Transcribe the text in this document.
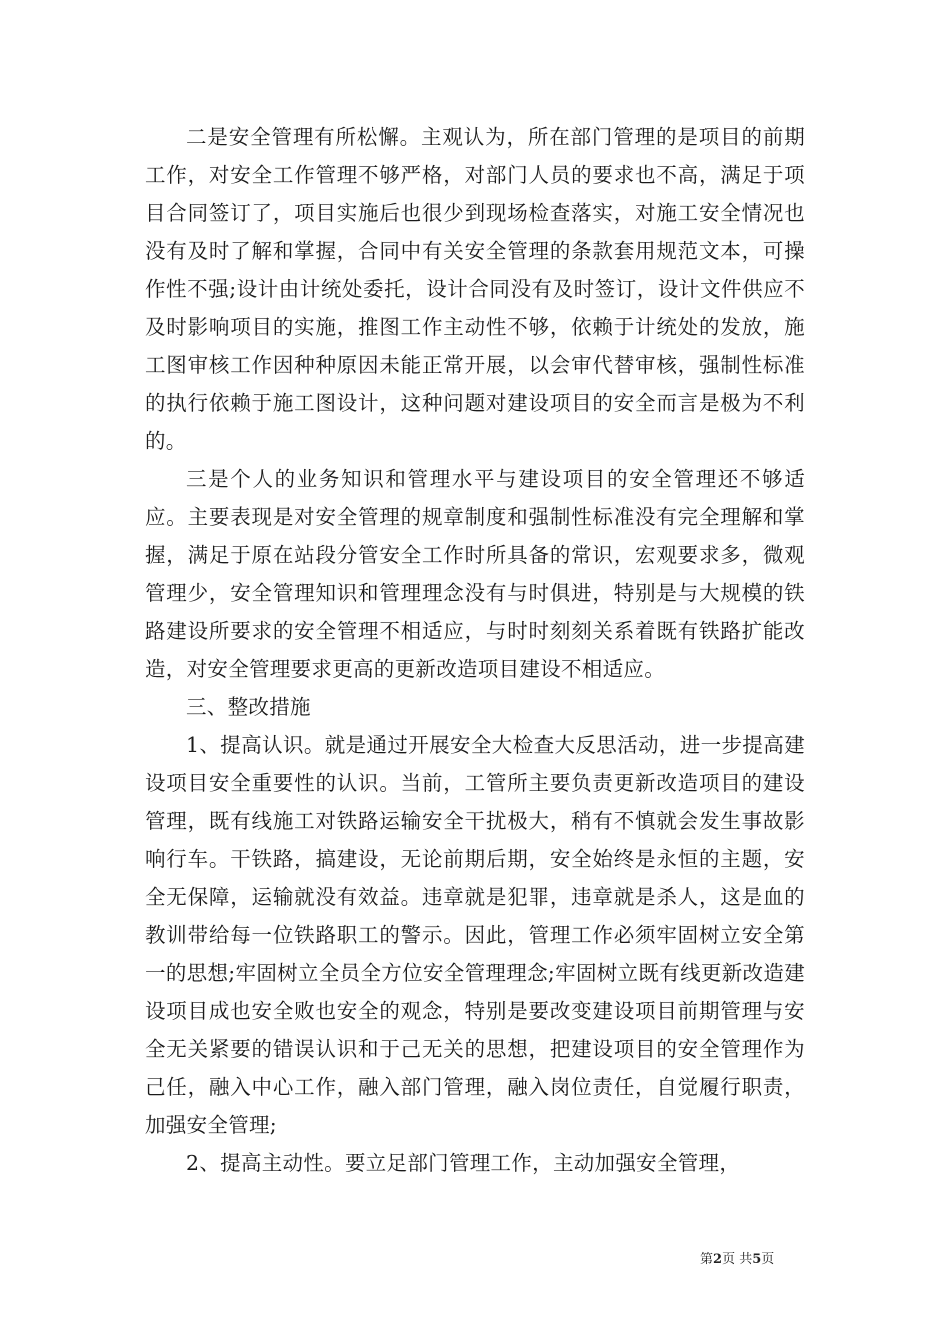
二是安全管理有所松懈。主观认为，所在部门管理的是项目的前期工作，对安全工作管理不够严格，对部门人员的要求也不高，满足于项目合同签订了，项目实施后也很少到现场检查落实，对施工安全情况也没有及时了解和掌握，合同中有关安全管理的条款套用规范文本，可操作性不强;设计由计统处委托，设计合同没有及时签订，设计文件供应不及时影响项目的实施，推图工作主动性不够，依赖于计统处的发放，施工图审核工作因种种原因未能正常开展，以会审代替审核，强制性标准的执行依赖于施工图设计，这种问题对建设项目的安全而言是极为不利的。

三是个人的业务知识和管理水平与建设项目的安全管理还不够适应。主要表现是对安全管理的规章制度和强制性标准没有完全理解和掌握，满足于原在站段分管安全工作时所具备的常识，宏观要求多，微观管理少，安全管理知识和管理理念没有与时俱进，特别是与大规模的铁路建设所要求的安全管理不相适应，与时时刻刻关系着既有铁路扩能改造，对安全管理要求更高的更新改造项目建设不相适应。

三、整改措施

1、提高认识。就是通过开展安全大检查大反思活动，进一步提高建设项目安全重要性的认识。当前，工管所主要负责更新改造项目的建设管理，既有线施工对铁路运输安全干扰极大，稍有不慎就会发生事故影响行车。干铁路，搞建设，无论前期后期，安全始终是永恒的主题，安全无保障，运输就没有效益。违章就是犯罪，违章就是杀人，这是血的教训带给每一位铁路职工的警示。因此，管理工作必须牢固树立安全第一的思想;牢固树立全员全方位安全管理理念;牢固树立既有线更新改造建设项目成也安全败也安全的观念，特别是要改变建设项目前期管理与安全无关紧要的错误认识和于己无关的思想，把建设项目的安全管理作为己任，融入中心工作，融入部门管理，融入岗位责任，自觉履行职责，加强安全管理;

2、提高主动性。要立足部门管理工作，主动加强安全管理，

第2页 共5页
